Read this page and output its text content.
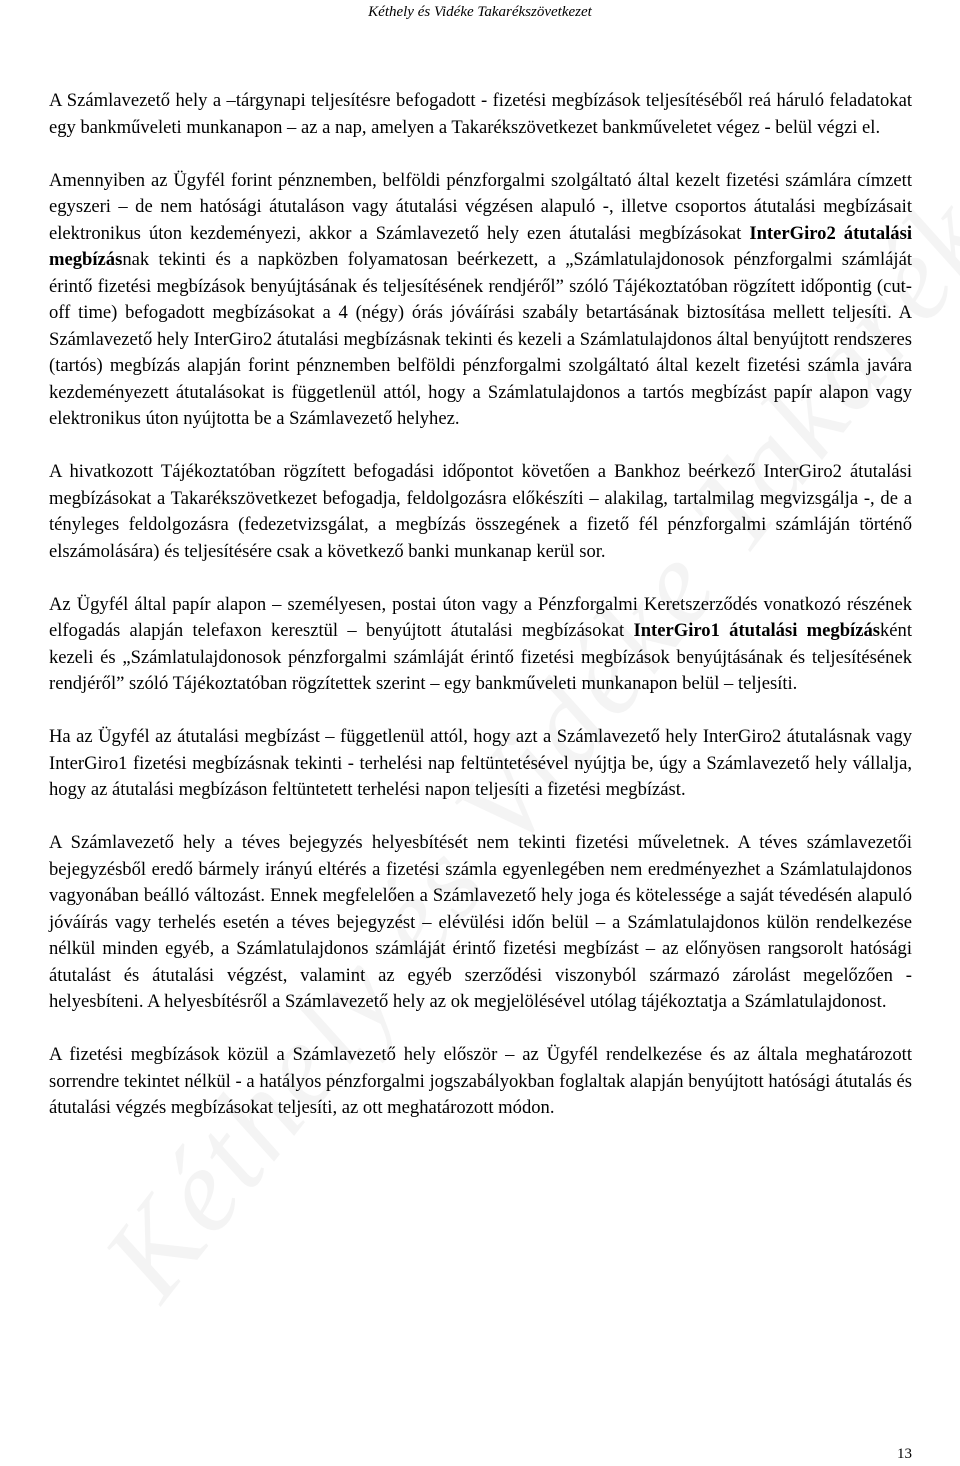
Kéthely és Vidéke Takarékszövetkezet

A Számlavezető hely a –tárgynapi teljesítésre befogadott - fizetési megbízások teljesítéséből reá háruló feladatokat egy bankműveleti munkanapon – az a nap, amelyen a Takarékszövetkezet bankműveletet végez - belül végzi el.

Amennyiben az Ügyfél forint pénznemben, belföldi pénzforgalmi szolgáltató által kezelt fizetési számlára címzett egyszeri – de nem hatósági átutaláson vagy átutalási végzésen alapuló -, illetve csoportos átutalási megbízásait elektronikus úton kezdeményezi, akkor a Számlavezető hely ezen átutalási megbízásokat InterGiro2 átutalási megbízásnak tekinti és a napközben folyamatosan beérkezett, a „Számlatulajdonosok pénzforgalmi számláját érintő fizetési megbízások benyújtásának és teljesítésének rendjéről” szóló Tájékoztatóban rögzített időpontig (cut-off time) befogadott megbízásokat a 4 (négy) órás jóváírási szabály betartásának biztosítása mellett teljesíti. A Számlavezető hely InterGiro2 átutalási megbízásnak tekinti és kezeli a Számlatulajdonos által benyújtott rendszeres (tartós) megbízás alapján forint pénznemben belföldi pénzforgalmi szolgáltató által kezelt fizetési számla javára kezdeményezett átutalásokat is függetlenül attól, hogy a Számlatulajdonos a tartós megbízást papír alapon vagy elektronikus úton nyújtotta be a Számlavezető helyhez.

A hivatkozott Tájékoztatóban rögzített befogadási időpontot követően a Bankhoz beérkező InterGiro2 átutalási megbízásokat a Takarékszövetkezet befogadja, feldolgozásra előkészíti – alakilag, tartalmilag megvizsgálja -, de a tényleges feldolgozásra (fedezetvizsgálat, a megbízás összegének a fizető fél pénzforgalmi számláján történő elszámolására) és teljesítésére csak a következő banki munkanap kerül sor.

Az Ügyfél által papír alapon – személyesen, postai úton vagy a Pénzforgalmi Keretszerződés vonatkozó részének elfogadás alapján telefaxon keresztül – benyújtott átutalási megbízásokat InterGiro1 átutalási megbízásként kezeli és „Számlatulajdonosok pénzforgalmi számláját érintő fizetési megbízások benyújtásának és teljesítésének rendjéről” szóló Tájékoztatóban rögzítettek szerint – egy bankműveleti munkanapon belül – teljesíti.

Ha az Ügyfél az átutalási megbízást – függetlenül attól, hogy azt a Számlavezető hely InterGiro2 átutalásnak vagy InterGiro1 fizetési megbízásnak tekinti - terhelési nap feltüntetésével nyújtja be, úgy a Számlavezető hely vállalja, hogy az átutalási megbízáson feltüntetett terhelési napon teljesíti a fizetési megbízást.

A Számlavezető hely a téves bejegyzés helyesbítését nem tekinti fizetési műveletnek. A téves számlavezetői bejegyzésből eredő bármely irányú eltérés a fizetési számla egyenlegében nem eredményezhet a Számlatulajdonos vagyonában beálló változást. Ennek megfelelően a Számlavezető hely joga és kötelessége a saját tévedésén alapuló jóváírás vagy terhelés esetén a téves bejegyzést – elévülési időn belül – a Számlatulajdonos külön rendelkezése nélkül minden egyéb, a Számlatulajdonos számláját érintő fizetési megbízást – az előnyösen rangsorolt hatósági átutalást és átutalási végzést, valamint az egyéb szerződési viszonyból származó zárolást megelőzően - helyesbíteni. A helyesbítésről a Számlavezető hely az ok megjelölésével utólag tájékoztatja a Számlatulajdonost.

A fizetési megbízások közül a Számlavezető hely először – az Ügyfél rendelkezése és az általa meghatározott sorrendre tekintet nélkül - a hatályos pénzforgalmi jogszabályokban foglaltak alapján benyújtott hatósági átutalás és átutalási végzés megbízásokat teljesíti, az ott meghatározott módon.

13
